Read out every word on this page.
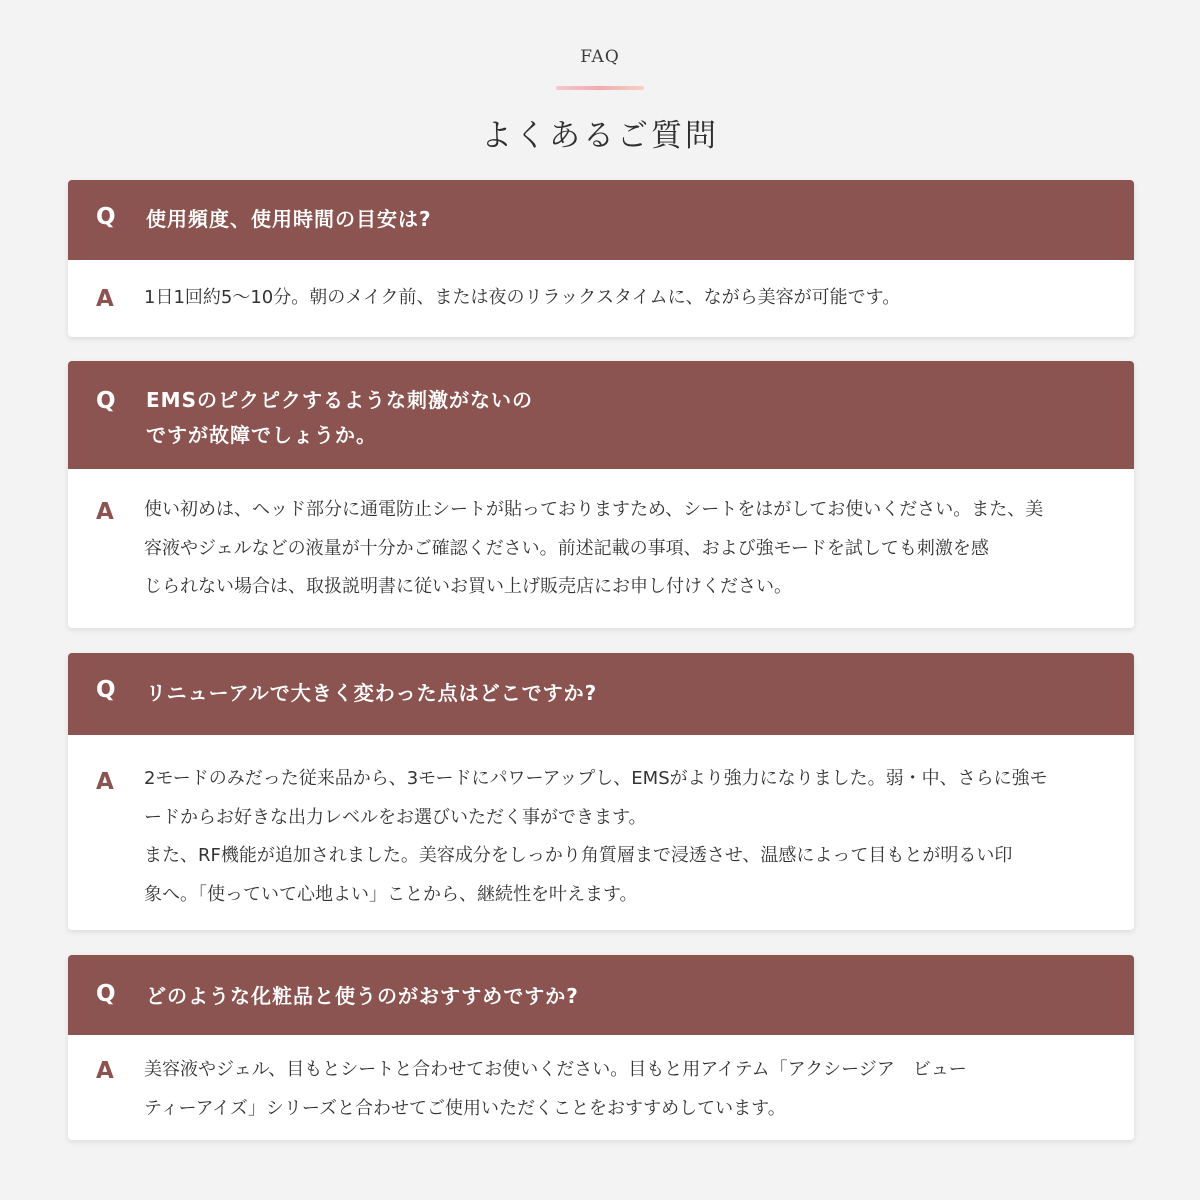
FAQ
よくあるご質問
Q 使用頻度、使用時間の目安は?
A 1日1回約5～10分。朝のメイク前、または夜のリラックスタイムに、ながら美容が可能です。
Q EMSのピクピクするような刺激がないの
ですが故障でしょうか。
A 使い初めは、ヘッド部分に通電防止シートが貼っておりますため、シートをはがしてお使いください。また、美
容液やジェルなどの液量が十分かご確認ください。前述記載の事項、および強モードを試しても刺激を感
じられない場合は、取扱説明書に従いお買い上げ販売店にお申し付けください。
Q リニューアルで大きく変わった点はどこですか?
A 2モードのみだった従来品から、3モードにパワーアップし、EMSがより強力になりました。弱・中、さらに強モ
ードからお好きな出力レベルをお選びいただく事ができます。
また、RF機能が追加されました。美容成分をしっかり角質層まで浸透させ、温感によって目もとが明るい印
象へ。「使っていて心地よい」ことから、継続性を叶えます。
Q どのような化粧品と使うのがおすすめですか?
A 美容液やジェル、目もとシートと合わせてお使いください。目もと用アイテム「アクシージア　ビュー
ティーアイズ」シリーズと合わせてご使用いただくことをおすすめしています。
